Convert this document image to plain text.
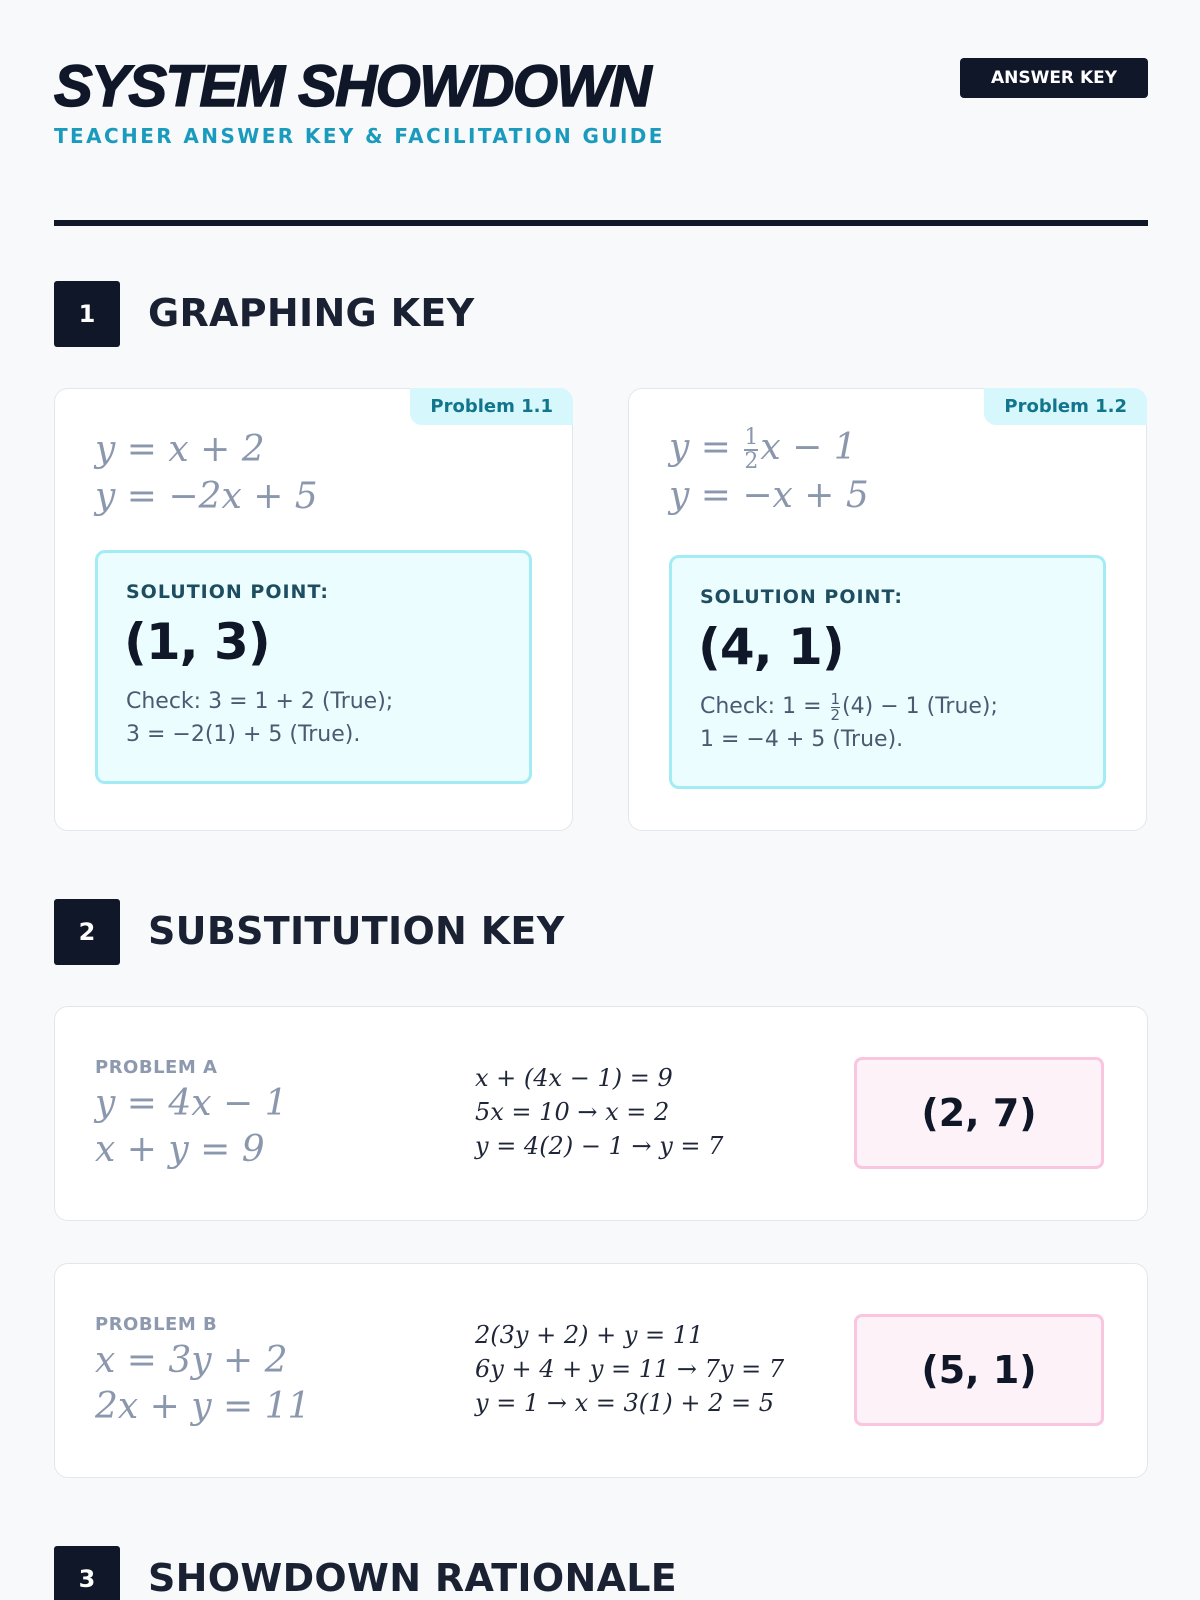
SYSTEM SHOWDOWN
TEACHER ANSWER KEY & FACILITATION GUIDE
ANSWER KEY
1	GRAPHING KEY
Problem 1.1
y = x + 2
y = −2x + 5
SOLUTION POINT:
(1, 3)
Check: 3 = 1 + 2 (True);
3 = −2(1) + 5 (True).
Problem 1.2
$y = \frac{1}{2}$ x − 1
y = −x + 5
SOLUTION POINT:
(4, 1)
Check: $1 = \frac{1}{2} (4) - 1$ (True);
1 = −4 + 5 (True).
2	SUBSTITUTION KEY
PROBLEM A
y = 4x − 1
x + y = 9
x + (4x − 1) = 9
5x = 10 → x = 2
y = 4(2) − 1 → y = 7
(2, 7)
PROBLEM B
x = 3y + 2
2x + y = 11
2(3y + 2) + y = 11
6y + 4 + y = 11 → 7y = 7
y = 1 → x = 3(1) + 2 = 5
(5, 1)
3	SHOWDOWN RATIONALE
